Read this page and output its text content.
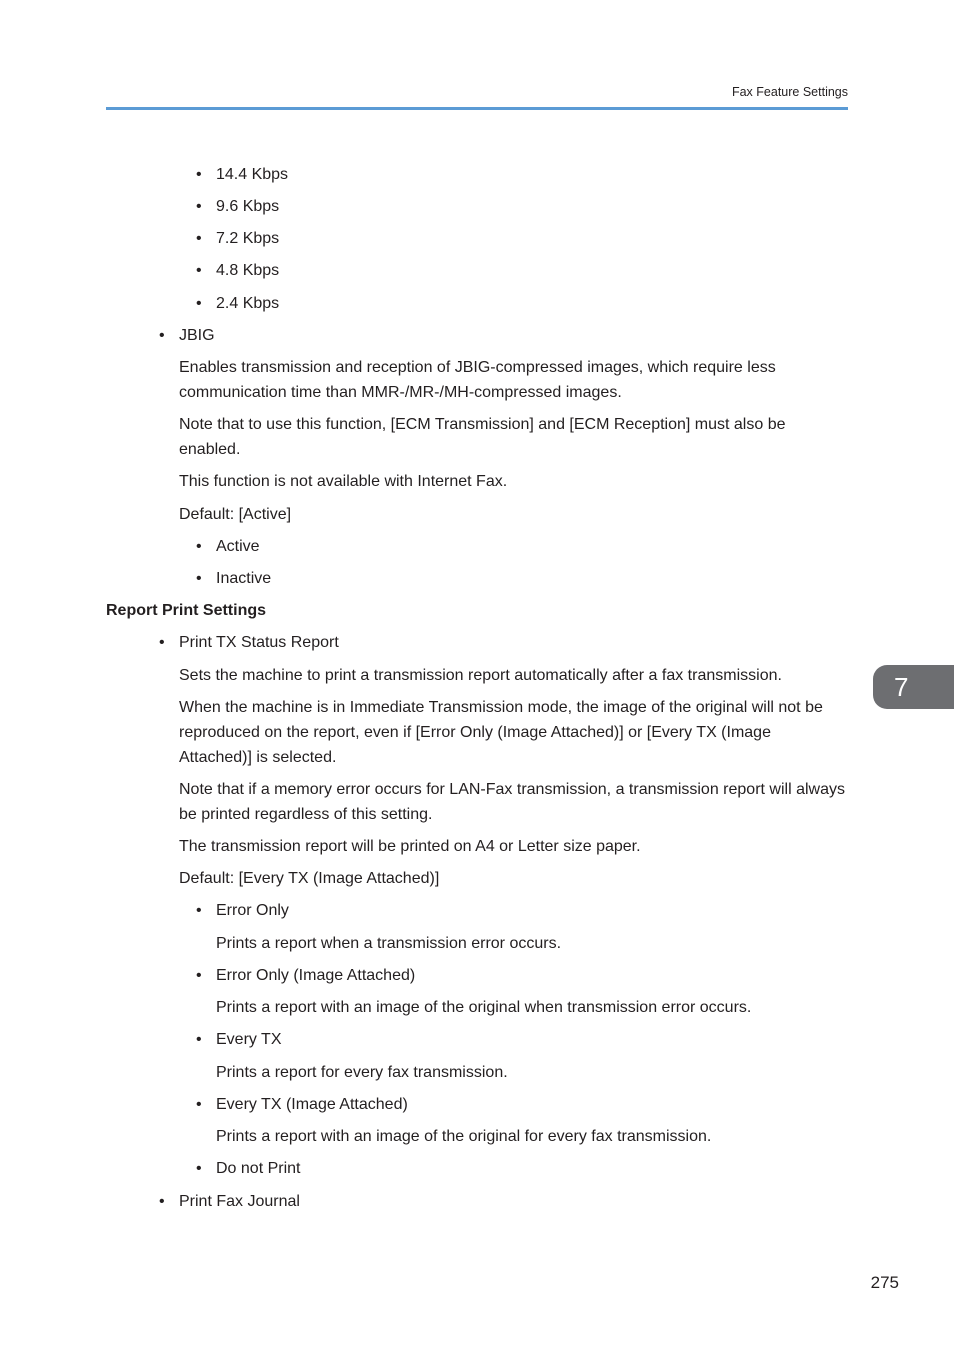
Fax Feature Settings
7
• 14.4 Kbps
• 9.6 Kbps
• 7.2 Kbps
• 4.8 Kbps
• 2.4 Kbps
• JBIG
Enables transmission and reception of JBIG-compressed images, which require less
communication time than MMR-/MR-/MH-compressed images.
Note that to use this function, [ECM Transmission] and [ECM Reception] must also be
enabled.
This function is not available with Internet Fax.
Default: [Active]
• Active
• Inactive
Report Print Settings
• Print TX Status Report
Sets the machine to print a transmission report automatically after a fax transmission.
When the machine is in Immediate Transmission mode, the image of the original will not be
reproduced on the report, even if [Error Only (Image Attached)] or [Every TX (Image
Attached)] is selected.
Note that if a memory error occurs for LAN-Fax transmission, a transmission report will always
be printed regardless of this setting.
The transmission report will be printed on A4 or Letter size paper.
Default: [Every TX (Image Attached)]
• Error Only
Prints a report when a transmission error occurs.
• Error Only (Image Attached)
Prints a report with an image of the original when transmission error occurs.
• Every TX
Prints a report for every fax transmission.
• Every TX (Image Attached)
Prints a report with an image of the original for every fax transmission.
• Do not Print
• Print Fax Journal
275
